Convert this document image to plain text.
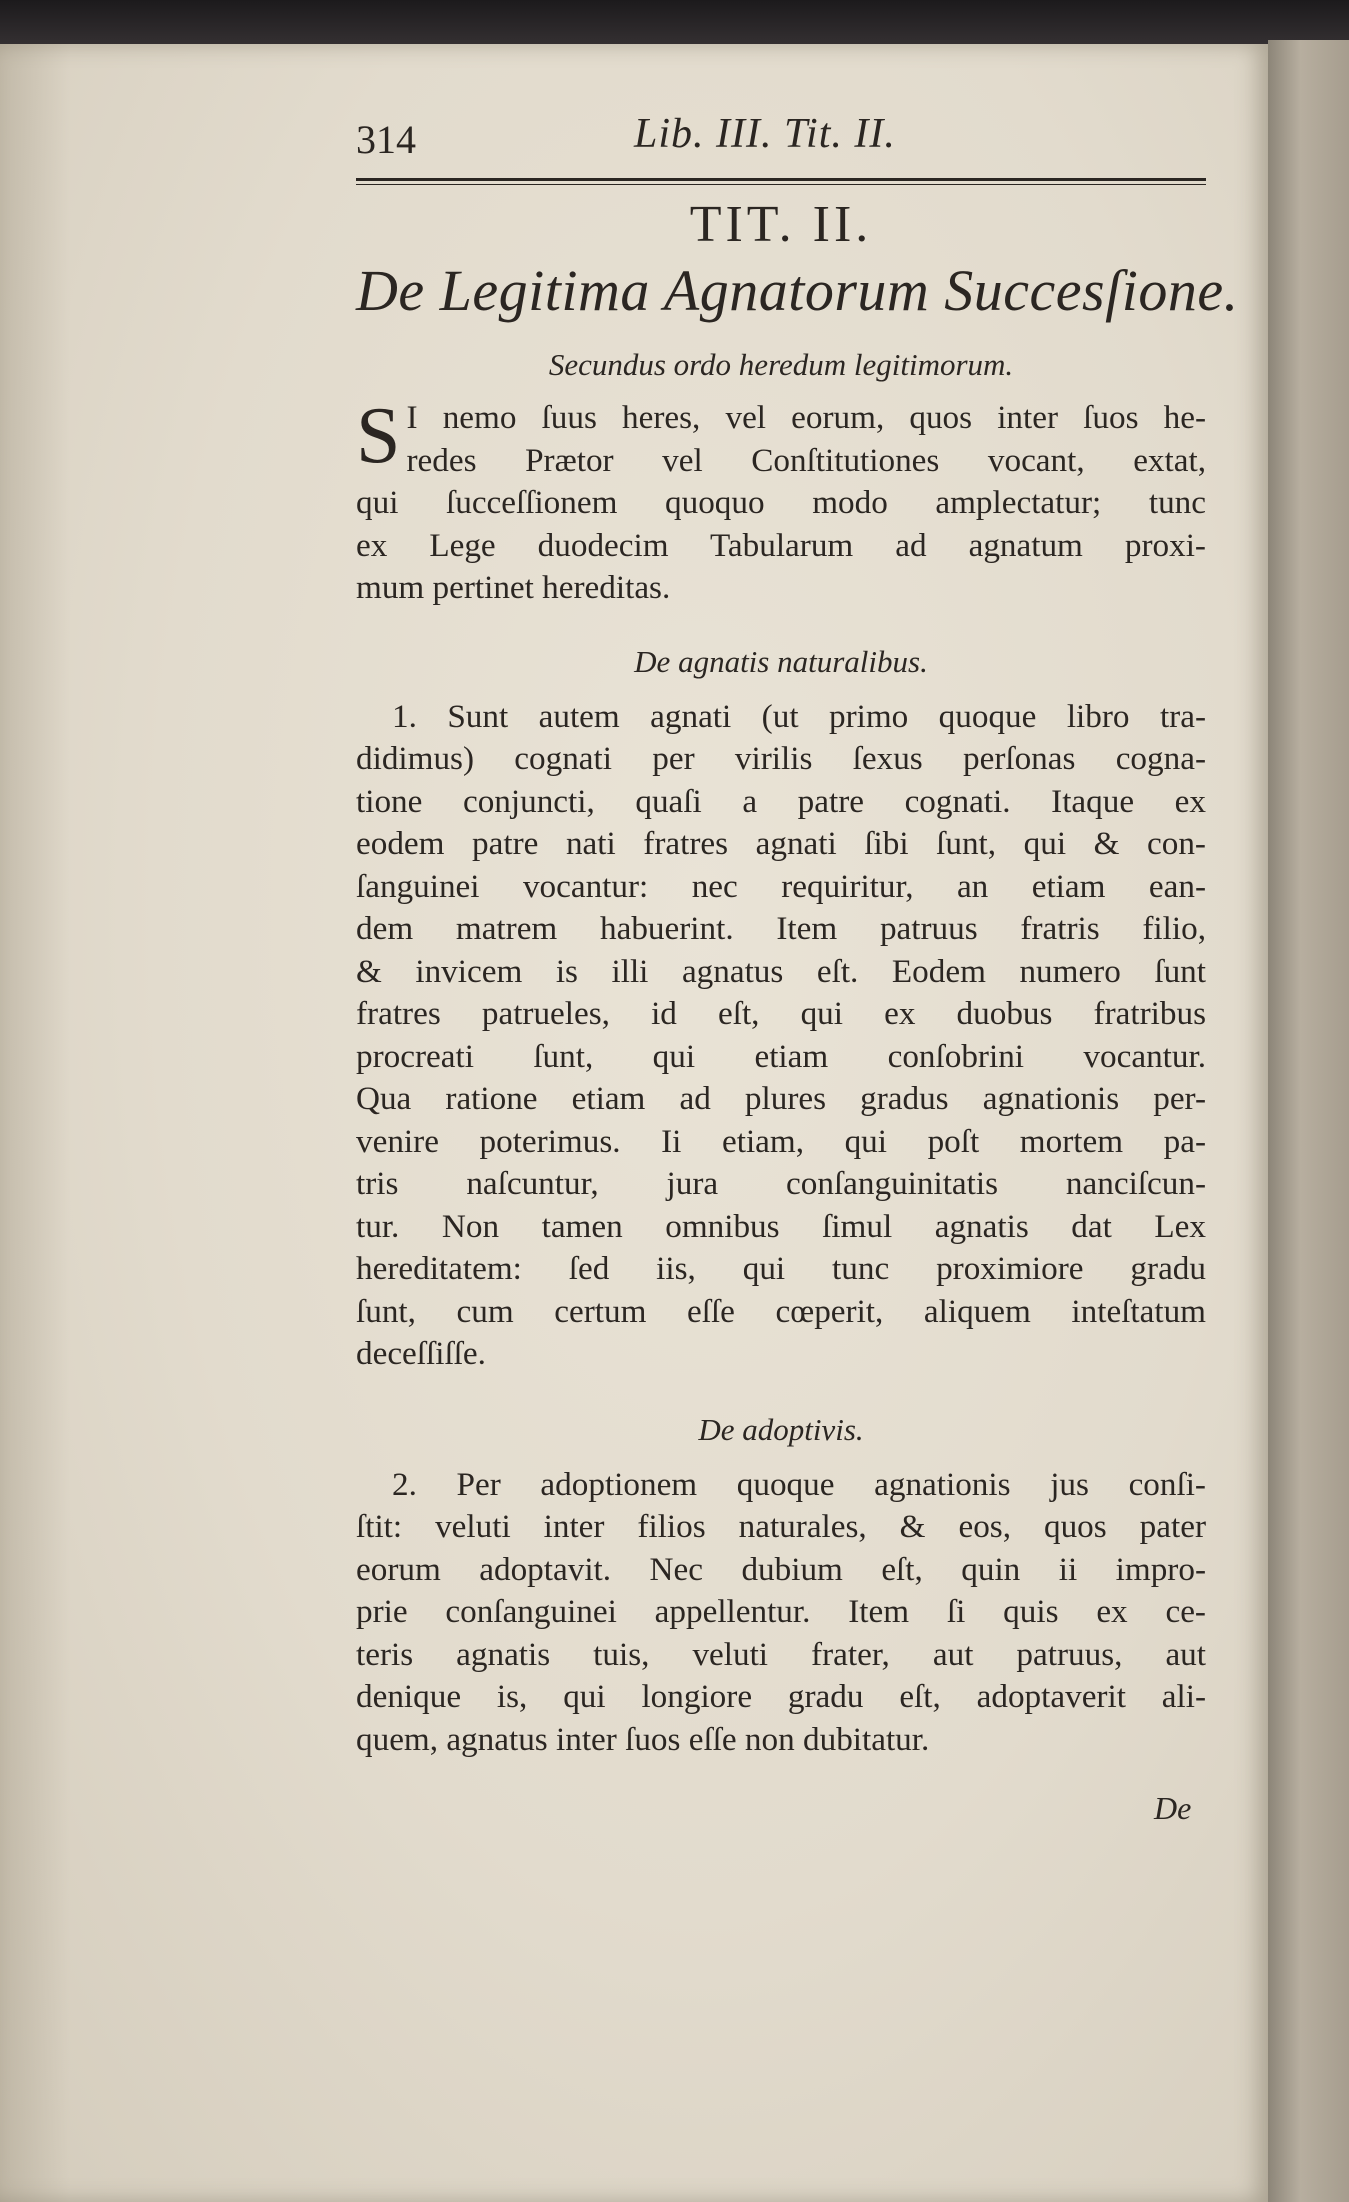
314	Lib. III. Tit. II.
TIT. II.
De Legitima Agnatorum Succesſione.
Secundus ordo heredum legitimorum.
S I nemo ſuus heres, vel eorum, quos inter ſuos he-
redes Prætor vel Conſtitutiones vocant, extat,
qui ſucceſſionem quoquo modo amplectatur; tunc
ex Lege duodecim Tabularum ad agnatum proxi-
mum pertinet hereditas.
De agnatis naturalibus.
1. Sunt autem agnati (ut primo quoque libro tra-
didimus) cognati per virilis ſexus perſonas cogna-
tione conjuncti, quaſi a patre cognati. Itaque ex
eodem patre nati fratres agnati ſibi ſunt, qui & con-
ſanguinei vocantur: nec requiritur, an etiam ean-
dem matrem habuerint. Item patruus fratris filio,
& invicem is illi agnatus eſt. Eodem numero ſunt
fratres patrueles, id eſt, qui ex duobus fratribus
procreati ſunt, qui etiam conſobrini vocantur.
Qua ratione etiam ad plures gradus agnationis per-
venire poterimus. Ii etiam, qui poſt mortem pa-
tris naſcuntur, jura conſanguinitatis nanciſcun-
tur. Non tamen omnibus ſimul agnatis dat Lex
hereditatem: ſed iis, qui tunc proximiore gradu
ſunt, cum certum eſſe cœperit, aliquem inteſtatum
deceſſiſſe.
De adoptivis.
2. Per adoptionem quoque agnationis jus conſi-
ſtit: veluti inter filios naturales, & eos, quos pater
eorum adoptavit. Nec dubium eſt, quin ii impro-
prie conſanguinei appellentur. Item ſi quis ex ce-
teris agnatis tuis, veluti frater, aut patruus, aut
denique is, qui longiore gradu eſt, adoptaverit ali-
quem, agnatus inter ſuos eſſe non dubitatur.
De
